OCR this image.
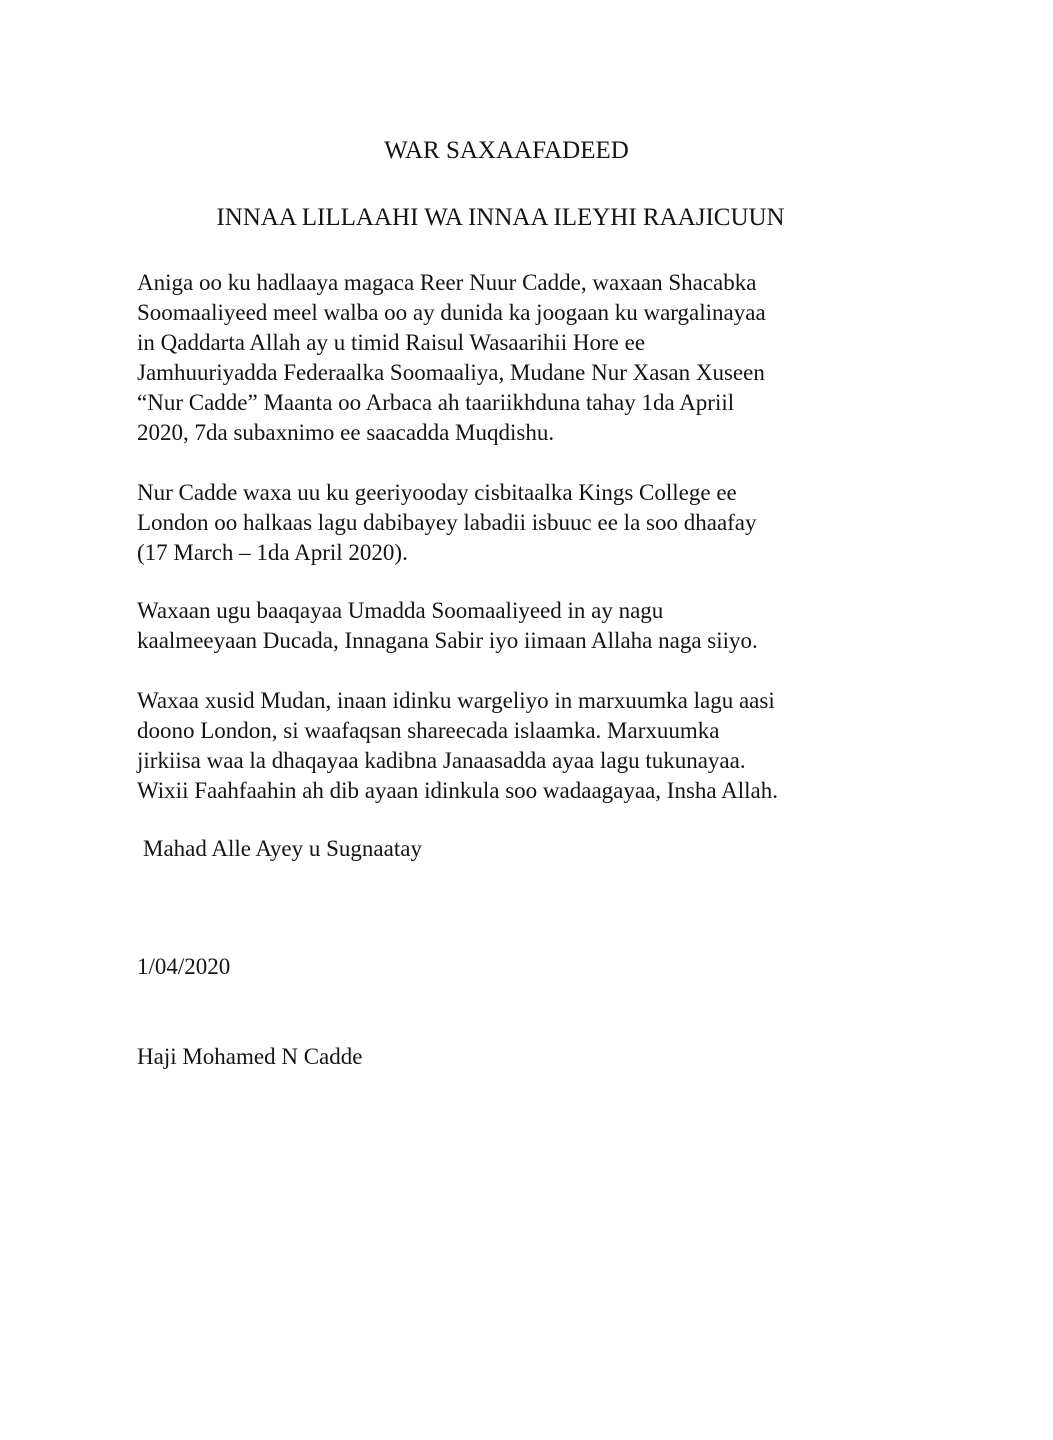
WAR SAXAAFADEED
INNAA LILLAAHI WA INNAA ILEYHI RAAJICUUN
Aniga oo ku hadlaaya magaca Reer Nuur Cadde, waxaan Shacabka
Soomaaliyeed meel walba oo ay dunida ka joogaan ku wargalinayaa
in Qaddarta Allah ay u timid Raisul Wasaarihii Hore ee
Jamhuuriyadda Federaalka Soomaaliya, Mudane Nur Xasan Xuseen
“Nur Cadde” Maanta oo Arbaca ah taariikhduna tahay 1da Apriil
2020, 7da subaxnimo ee saacadda Muqdishu.
Nur Cadde waxa uu ku geeriyooday cisbitaalka Kings College ee
London oo halkaas lagu dabibayey labadii isbuuc ee la soo dhaafay
(17 March – 1da April 2020).
Waxaan ugu baaqayaa Umadda Soomaaliyeed in ay nagu
kaalmeeyaan Ducada, Innagana Sabir iyo iimaan Allaha naga siiyo.
Waxaa xusid Mudan, inaan idinku wargeliyo in marxuumka lagu aasi
doono London, si waafaqsan shareecada islaamka. Marxuumka
jirkiisa waa la dhaqayaa kadibna Janaasadda ayaa lagu tukunayaa.
Wixii Faahfaahin ah dib ayaan idinkula soo wadaagayaa, Insha Allah.
Mahad Alle Ayey u Sugnaatay
1/04/2020
Haji Mohamed N Cadde
